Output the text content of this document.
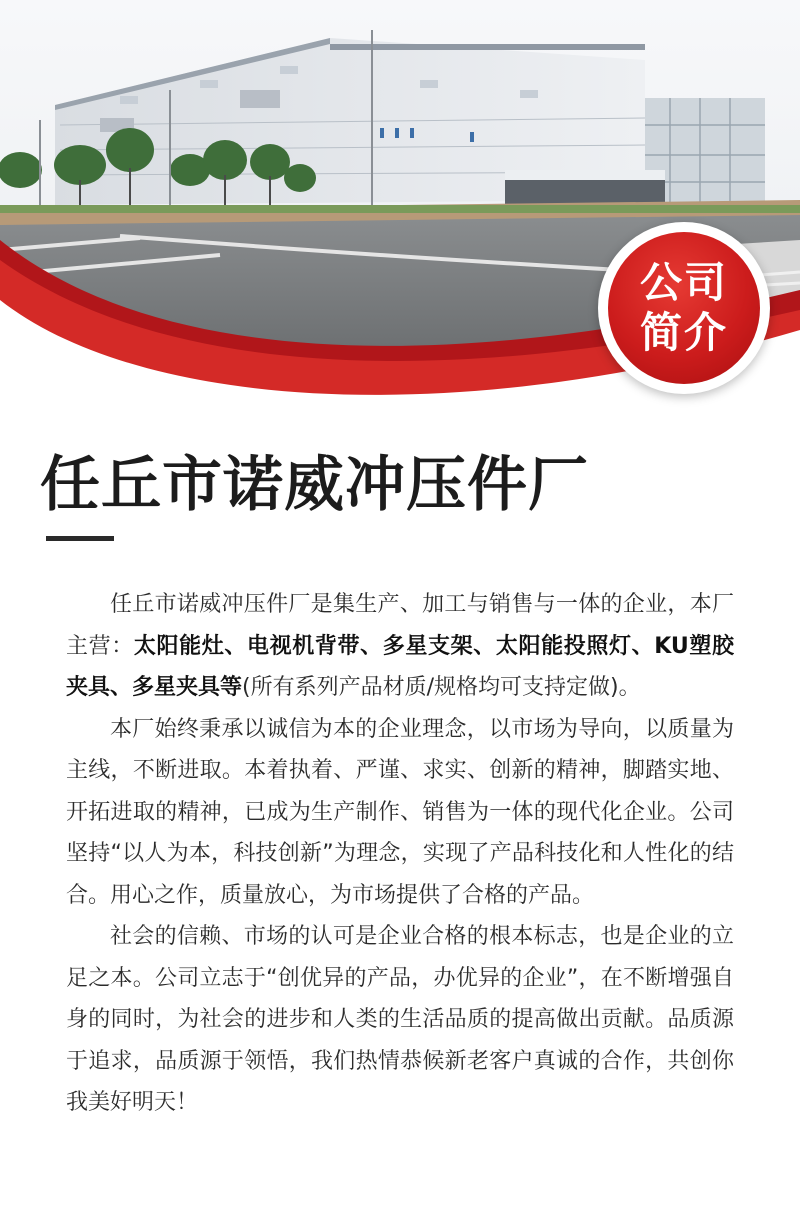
公司
简介
任丘市诺威冲压件厂

任丘市诺威冲压件厂是集生产、加工与销售与一体的企业，本厂主营：太阳能灶、电视机背带、多星支架、太阳能投照灯、KU塑胶夹具、多星夹具等(所有系列产品材质/规格均可支持定做)。

本厂始终秉承以诚信为本的企业理念，以市场为导向，以质量为主线，不断进取。本着执着、严谨、求实、创新的精神，脚踏实地、开拓进取的精神，已成为生产制作、销售为一体的现代化企业。公司坚持“以人为本，科技创新”为理念，实现了产品科技化和人性化的结合。用心之作，质量放心，为市场提供了合格的产品。

社会的信赖、市场的认可是企业合格的根本标志，也是企业的立足之本。公司立志于“创优异的产品，办优异的企业”，在不断增强自身的同时，为社会的进步和人类的生活品质的提高做出贡献。品质源于追求，品质源于领悟，我们热情恭候新老客户真诚的合作，共创你我美好明天！
